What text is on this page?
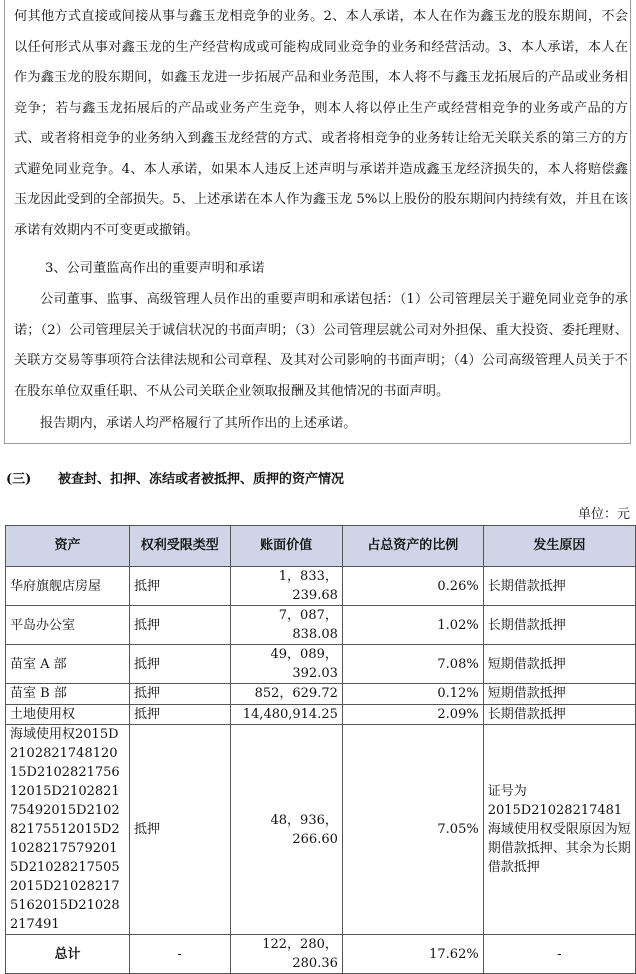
何其他方式直接或间接从事与鑫玉龙相竞争的业务。2、本人承诺，本人在作为鑫玉龙的股东期间，不会以任何形式从事对鑫玉龙的生产经营构成或可能构成同业竞争的业务和经营活动。3、本人承诺，本人在作为鑫玉龙的股东期间，如鑫玉龙进一步拓展产品和业务范围，本人将不与鑫玉龙拓展后的产品或业务相竞争；若与鑫玉龙拓展后的产品或业务产生竞争，则本人将以停止生产或经营相竞争的业务或产品的方式、或者将相竞争的业务纳入到鑫玉龙经营的方式、或者将相竞争的业务转让给无关联关系的第三方的方式避免同业竞争。4、本人承诺，如果本人违反上述声明与承诺并造成鑫玉龙经济损失的，本人将赔偿鑫玉龙因此受到的全部损失。5、上述承诺在本人作为鑫玉龙 5%以上股份的股东期间内持续有效，并且在该承诺有效期内不可变更或撤销。

3、公司董监高作出的重要声明和承诺

公司董事、监事、高级管理人员作出的重要声明和承诺包括：（1）公司管理层关于避免同业竞争的承诺；（2）公司管理层关于诚信状况的书面声明；（3）公司管理层就公司对外担保、重大投资、委托理财、关联方交易等事项符合法律法规和公司章程、及其对公司影响的书面声明；（4）公司高级管理人员关于不在股东单位双重任职、不从公司关联企业领取报酬及其他情况的书面声明。

报告期内，承诺人均严格履行了其所作出的上述承诺。

(三) 被查封、扣押、冻结或者被抵押、质押的资产情况
单位：元
资产	权利受限类型	账面价值	占总资产的比例	发生原因
华府旗舰店房屋	抵押	1，833，239.68	0.26%	长期借款抵押
平岛办公室	抵押	7，087，838.08	1.02%	长期借款抵押
苗室 A 部	抵押	49，089，392.03	7.08%	短期借款抵押
苗室 B 部	抵押	852，629.72	0.12%	短期借款抵押
土地使用权	抵押	14,480,914.25	2.09%	长期借款抵押
海域使用权2015D210282174812015D210282175612015D210282175492015D210282175512015D210282175792015D210282175052015D210282175162015D21028217491	抵押	48，936，266.60	7.05%	证号为2015D21028217481 海域使用权受限原因为短期借款抵押、其余为长期借款抵押
总计	-	122，280，280.36	17.62%	-
